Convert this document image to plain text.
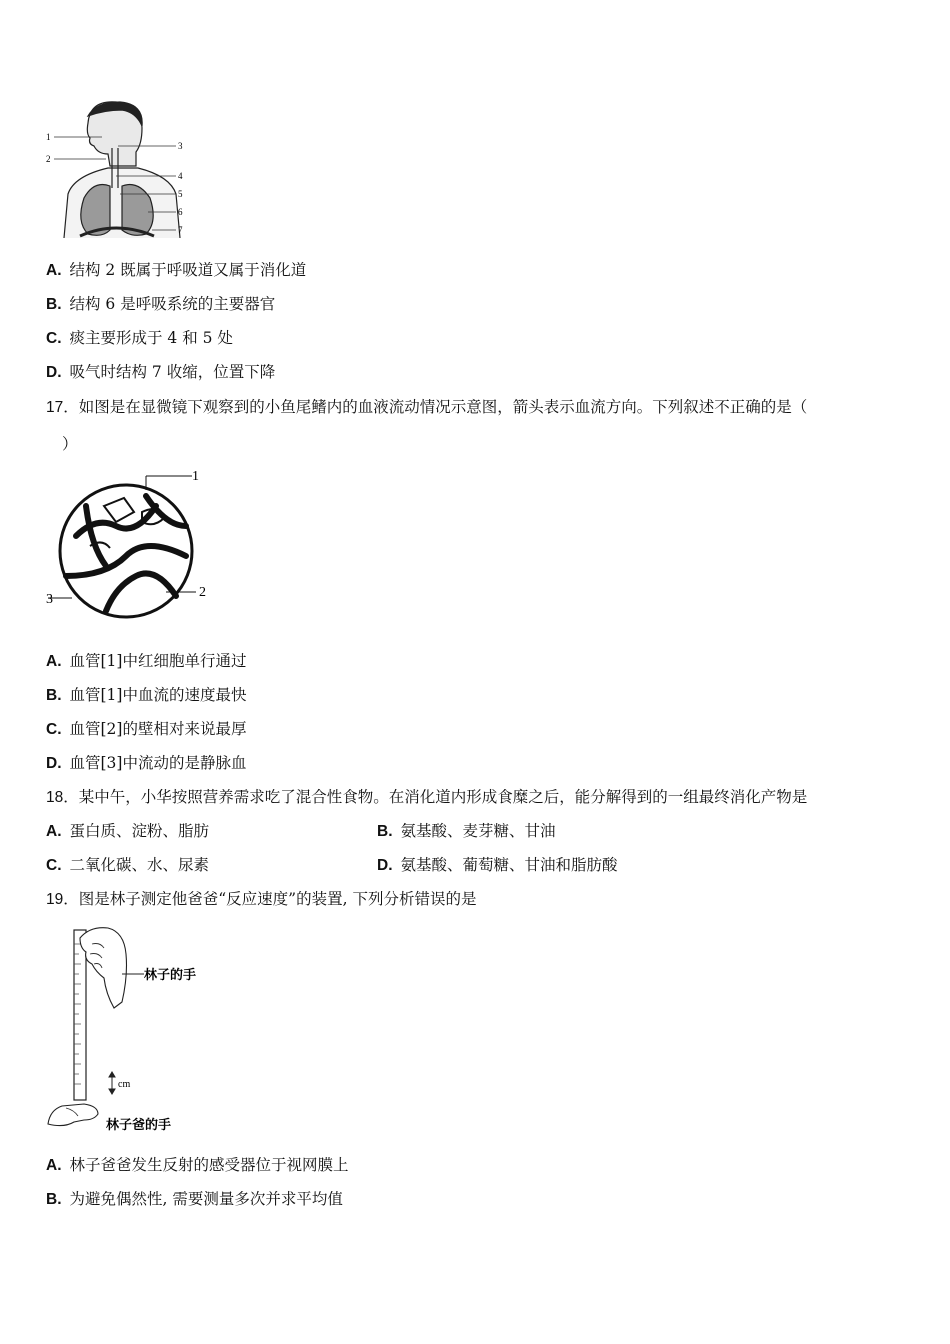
1
2
3
4
5
6
7
A. 结构 2 既属于呼吸道又属于消化道
B. 结构 6 是呼吸系统的主要器官
C. 痰主要形成于 4 和 5 处
D. 吸气时结构 7 收缩，位置下降
17．如图是在显微镜下观察到的小鱼尾鳍内的血液流动情况示意图，箭头表示血流方向。下列叙述不正确的是（
）
1
2
3
A. 血管[1]中红细胞单行通过
B. 血管[1]中血流的速度最快
C. 血管[2]的壁相对来说最厚
D. 血管[3]中流动的是静脉血
18．某中午，小华按照营养需求吃了混合性食物。在消化道内形成食糜之后，能分解得到的一组最终消化产物是
A. 蛋白质、淀粉、脂肪	B. 氨基酸、麦芽糖、甘油
C. 二氧化碳、水、尿素	D. 氨基酸、葡萄糖、甘油和脂肪酸
19．图是林子测定他爸爸“反应速度”的装置, 下列分析错误的是
林子的手
cm
林子爸的手
A. 林子爸爸发生反射的感受器位于视网膜上
B. 为避免偶然性, 需要测量多次并求平均值
